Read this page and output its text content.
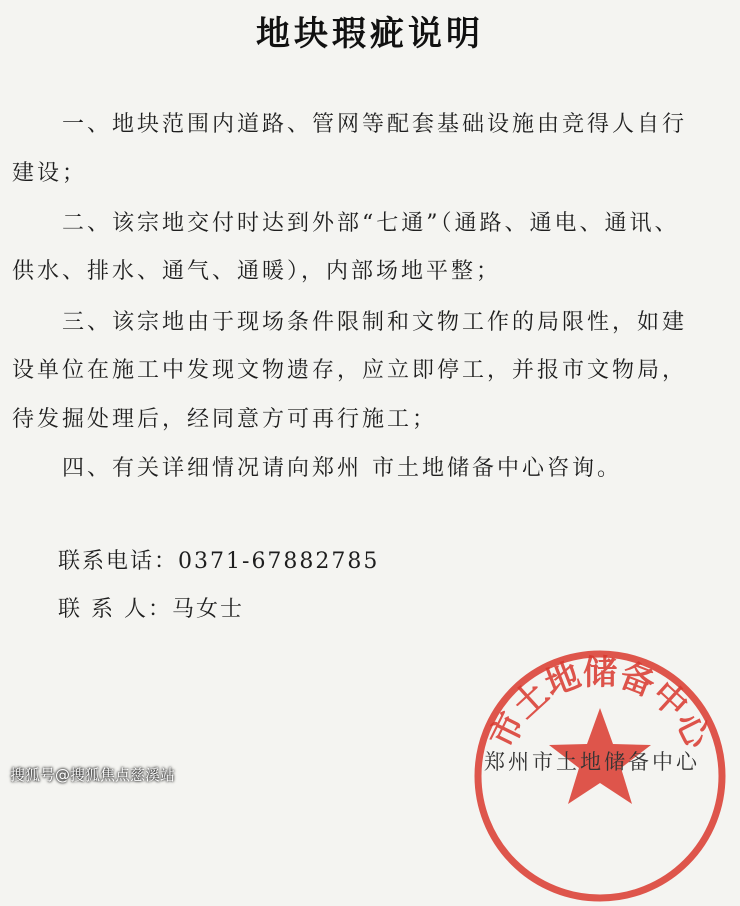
地块瑕疵说明
一、地块范围内道路、管网等配套基础设施由竞得人自行
建设；
二、该宗地交付时达到外部“七通”（通路、通电、通讯、
供水、排水、通气、通暖），内部场地平整；
三、该宗地由于现场条件限制和文物工作的局限性，如建
设单位在施工中发现文物遗存，应立即停工，并报市文物局，
待发掘处理后，经同意方可再行施工；
四、有关详细情况请向郑州 市土地储备中心咨询。
联系电话：0371-67882785
联 系 人：马女士
市土地储备中心
郑州市土地储备中心
搜狐号@搜狐焦点慈溪站
